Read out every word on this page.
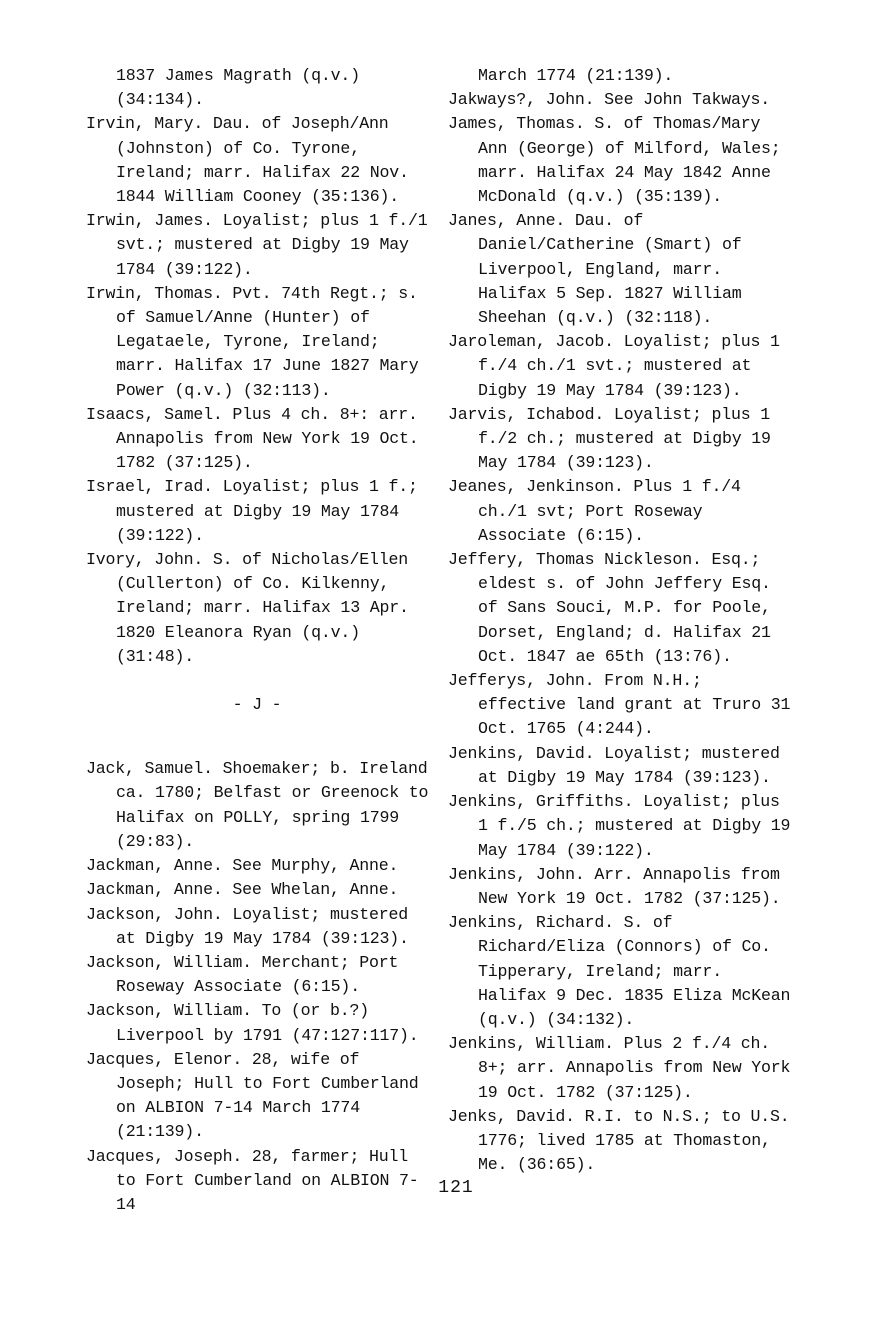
1837 James Magrath (q.v.) (34:134).
Irvin, Mary. Dau. of Joseph/Ann (Johnston) of Co. Tyrone, Ireland; marr. Halifax 22 Nov. 1844 William Cooney (35:136).
Irwin, James. Loyalist; plus 1 f./1 svt.; mustered at Digby 19 May 1784 (39:122).
Irwin, Thomas. Pvt. 74th Regt.; s. of Samuel/Anne (Hunter) of Legataele, Tyrone, Ireland; marr. Halifax 17 June 1827 Mary Power (q.v.) (32:113).
Isaacs, Samel. Plus 4 ch. 8+: arr. Annapolis from New York 19 Oct. 1782 (37:125).
Israel, Irad. Loyalist; plus 1 f.; mustered at Digby 19 May 1784 (39:122).
Ivory, John. S. of Nicholas/Ellen (Cullerton) of Co. Kilkenny, Ireland; marr. Halifax 13 Apr. 1820 Eleanora Ryan (q.v.) (31:48).
- J -
Jack, Samuel. Shoemaker; b. Ireland ca. 1780; Belfast or Greenock to Halifax on POLLY, spring 1799 (29:83).
Jackman, Anne. See Murphy, Anne.
Jackman, Anne. See Whelan, Anne.
Jackson, John. Loyalist; mustered at Digby 19 May 1784 (39:123).
Jackson, William. Merchant; Port Roseway Associate (6:15).
Jackson, William. To (or b.?) Liverpool by 1791 (47:127:117).
Jacques, Elenor. 28, wife of Joseph; Hull to Fort Cumberland on ALBION 7-14 March 1774 (21:139).
Jacques, Joseph. 28, farmer; Hull to Fort Cumberland on ALBION 7-14
March 1774 (21:139).
Jakways?, John. See John Takways.
James, Thomas. S. of Thomas/Mary Ann (George) of Milford, Wales; marr. Halifax 24 May 1842 Anne McDonald (q.v.) (35:139).
Janes, Anne. Dau. of Daniel/Catherine (Smart) of Liverpool, England, marr. Halifax 5 Sep. 1827 William Sheehan (q.v.) (32:118).
Jaroleman, Jacob. Loyalist; plus 1 f./4 ch./1 svt.; mustered at Digby 19 May 1784 (39:123).
Jarvis, Ichabod. Loyalist; plus 1 f./2 ch.; mustered at Digby 19 May 1784 (39:123).
Jeanes, Jenkinson. Plus 1 f./4 ch./1 svt; Port Roseway Associate (6:15).
Jeffery, Thomas Nickleson. Esq.; eldest s. of John Jeffery Esq. of Sans Souci, M.P. for Poole, Dorset, England; d. Halifax 21 Oct. 1847 ae 65th (13:76).
Jefferys, John. From N.H.; effective land grant at Truro 31 Oct. 1765 (4:244).
Jenkins, David. Loyalist; mustered at Digby 19 May 1784 (39:123).
Jenkins, Griffiths. Loyalist; plus 1 f./5 ch.; mustered at Digby 19 May 1784 (39:122).
Jenkins, John. Arr. Annapolis from New York 19 Oct. 1782 (37:125).
Jenkins, Richard. S. of Richard/Eliza (Connors) of Co. Tipperary, Ireland; marr. Halifax 9 Dec. 1835 Eliza McKean (q.v.) (34:132).
Jenkins, William. Plus 2 f./4 ch. 8+; arr. Annapolis from New York 19 Oct. 1782 (37:125).
Jenks, David. R.I. to N.S.; to U.S. 1776; lived 1785 at Thomaston, Me. (36:65).
121
